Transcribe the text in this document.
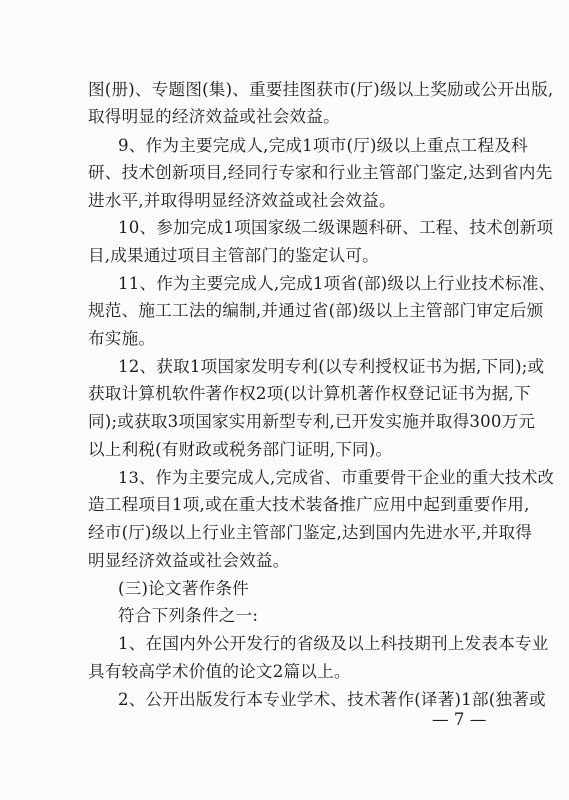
图(册)、专题图(集)、重要挂图获市(厅)级以上奖励或公开出版,
取得明显的经济效益或社会效益。
9、作为主要完成人,完成1项市(厅)级以上重点工程及科
研、技术创新项目,经同行专家和行业主管部门鉴定,达到省内先
进水平,并取得明显经济效益或社会效益。
10、参加完成1项国家级二级课题科研、工程、技术创新项
目,成果通过项目主管部门的鉴定认可。
11、作为主要完成人,完成1项省(部)级以上行业技术标准、
规范、施工工法的编制,并通过省(部)级以上主管部门审定后颁
布实施。
12、获取1项国家发明专利(以专利授权证书为据,下同);或
获取计算机软件著作权2项(以计算机著作权登记证书为据,下
同);或获取3项国家实用新型专利,已开发实施并取得300万元
以上利税(有财政或税务部门证明,下同)。
13、作为主要完成人,完成省、市重要骨干企业的重大技术改
造工程项目1项,或在重大技术装备推广应用中起到重要作用,
经市(厅)级以上行业主管部门鉴定,达到国内先进水平,并取得
明显经济效益或社会效益。
(三)论文著作条件
符合下列条件之一:
1、在国内外公开发行的省级及以上科技期刊上发表本专业
具有较高学术价值的论文2篇以上。
2、公开出版发行本专业学术、技术著作(译著)1部(独著或
— 7 —
